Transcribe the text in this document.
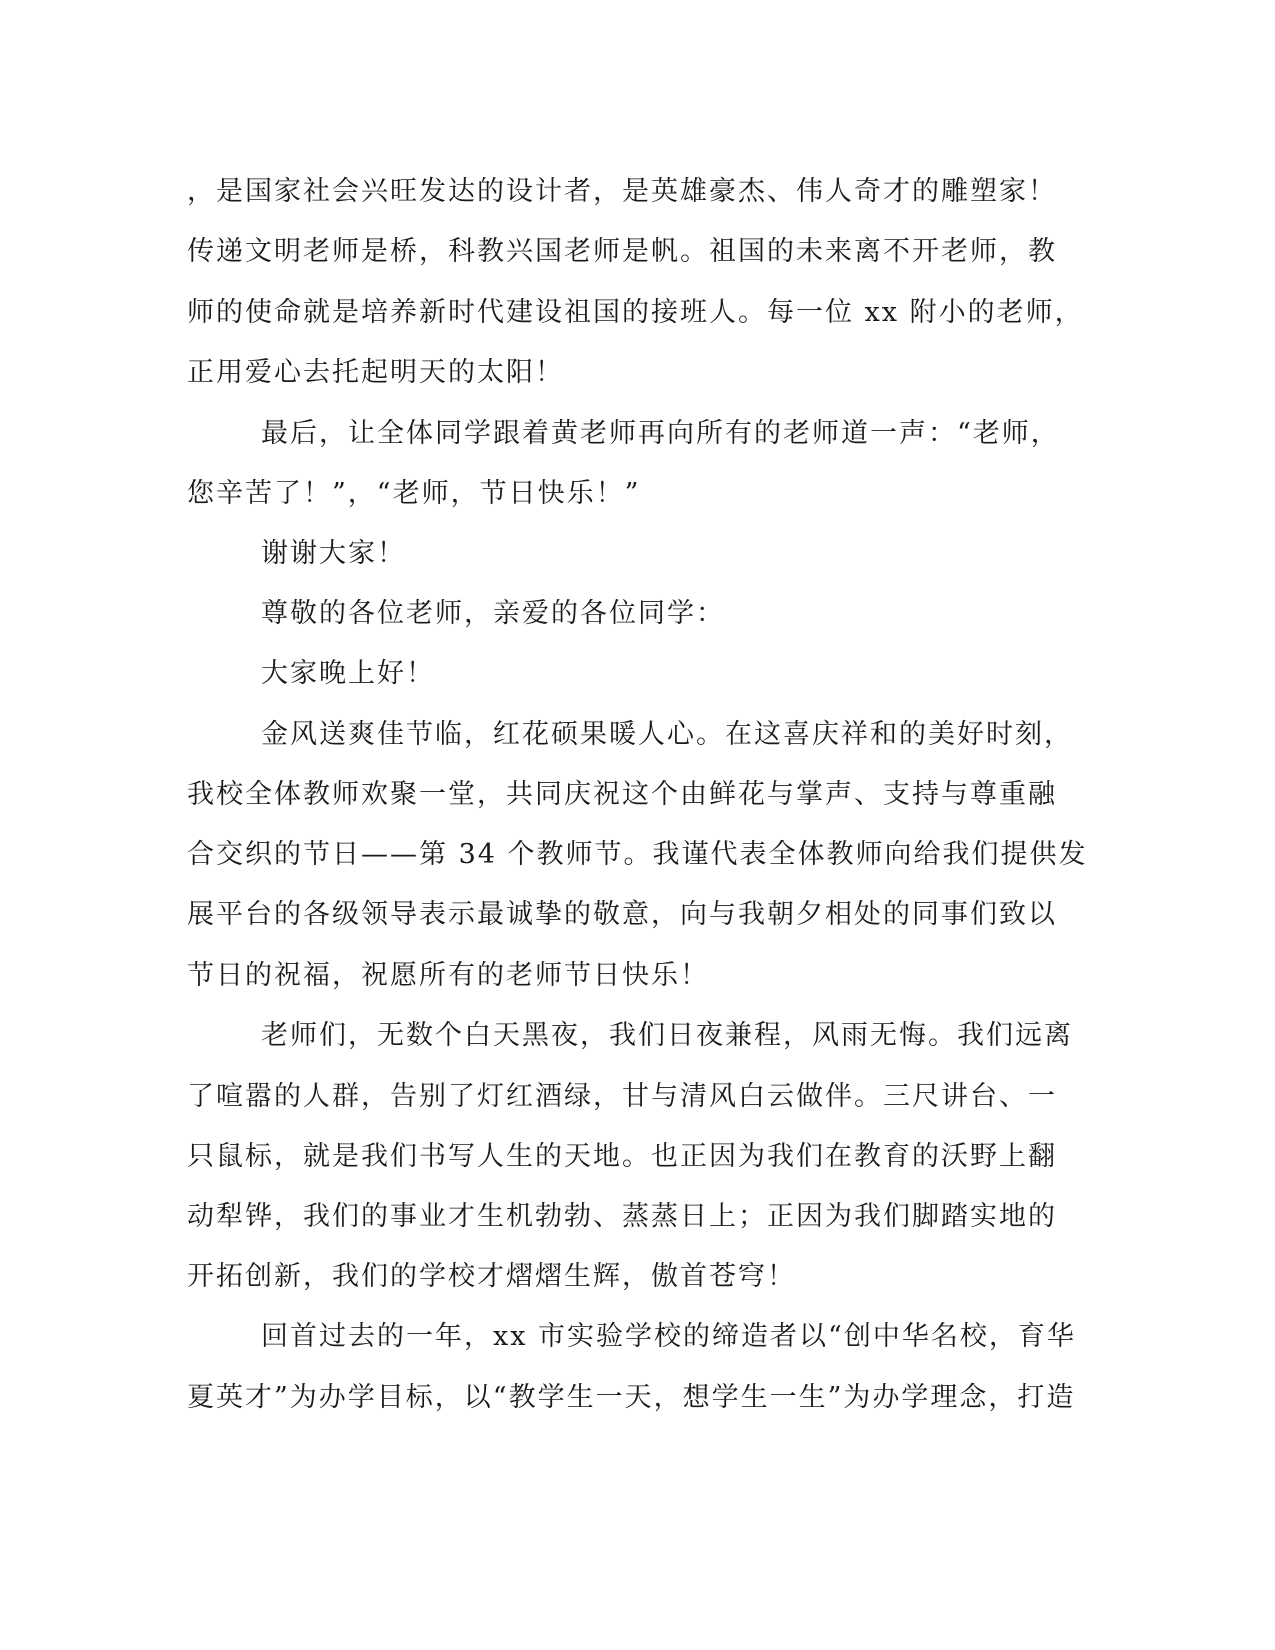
，是国家社会兴旺发达的设计者，是英雄豪杰、伟人奇才的雕塑家！
传递文明老师是桥，科教兴国老师是帆。祖国的未来离不开老师，教
师的使命就是培养新时代建设祖国的接班人。每一位 xx 附小的老师，
正用爱心去托起明天的太阳！
最后，让全体同学跟着黄老师再向所有的老师道一声：“老师，
您辛苦了！”，“老师，节日快乐！”
谢谢大家！
尊敬的各位老师，亲爱的各位同学：
大家晚上好！
金风送爽佳节临，红花硕果暖人心。在这喜庆祥和的美好时刻，
我校全体教师欢聚一堂，共同庆祝这个由鲜花与掌声、支持与尊重融
合交织的节日——第 34 个教师节。我谨代表全体教师向给我们提供发
展平台的各级领导表示最诚挚的敬意，向与我朝夕相处的同事们致以
节日的祝福，祝愿所有的老师节日快乐！
老师们，无数个白天黑夜，我们日夜兼程，风雨无悔。我们远离
了喧嚣的人群，告别了灯红酒绿，甘与清风白云做伴。三尺讲台、一
只鼠标，就是我们书写人生的天地。也正因为我们在教育的沃野上翻
动犁铧，我们的事业才生机勃勃、蒸蒸日上；正因为我们脚踏实地的
开拓创新，我们的学校才熠熠生辉，傲首苍穹！
回首过去的一年，xx 市实验学校的缔造者以“创中华名校，育华
夏英才”为办学目标，以“教学生一天，想学生一生”为办学理念，打造
